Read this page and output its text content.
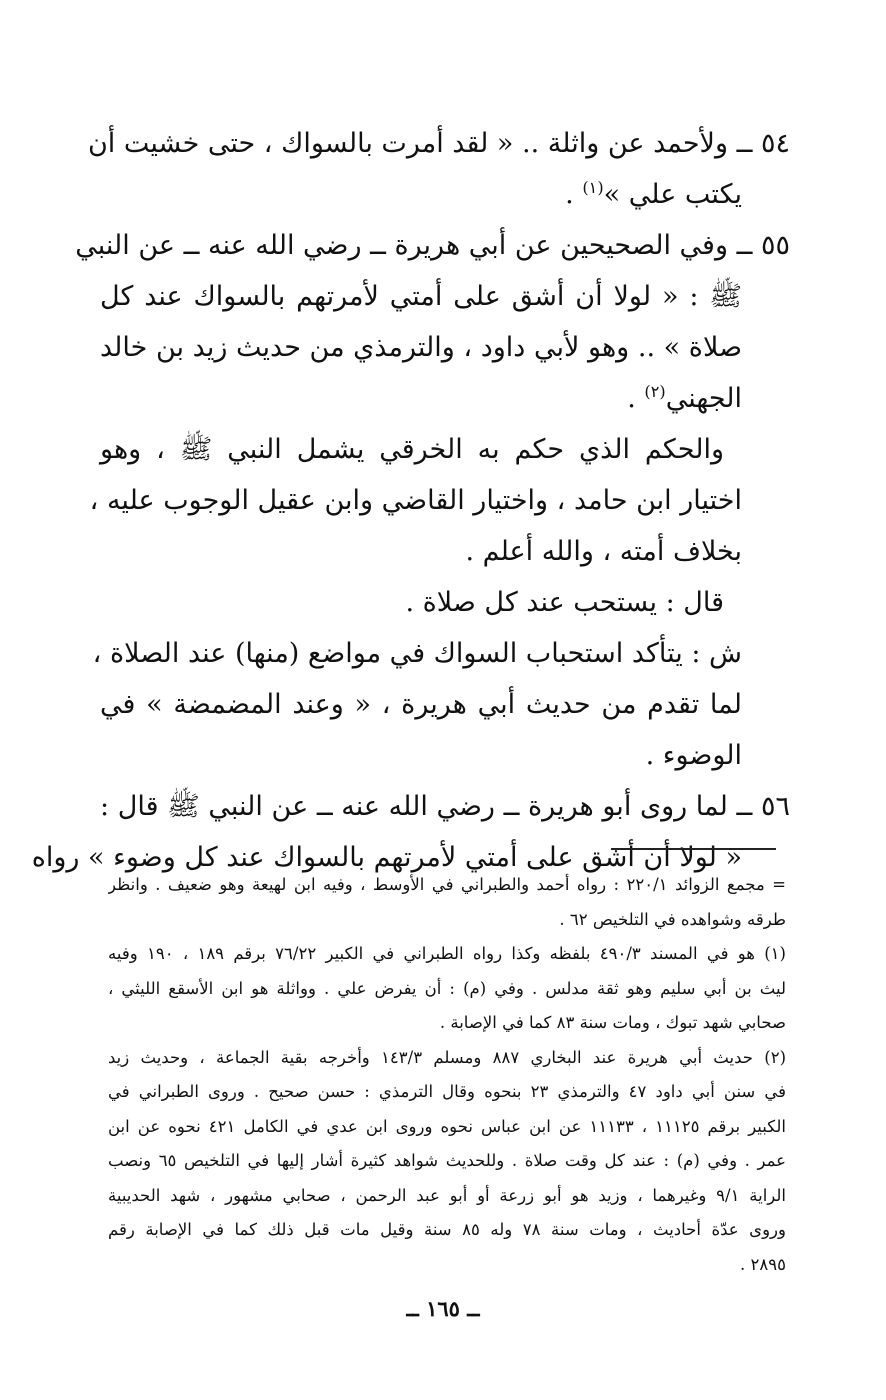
٥٤ ــ ولأحمد عن واثلة .. « لقد أمرت بالسواك ، حتى خشيت أن
يكتب علي »$^{(١)}$ .
٥٥ ــ وفي الصحيحين عن أبي هريرة ــ رضي الله عنه ــ عن النبي
ﷺ : « لولا أن أشق على أمتي لأمرتهم بالسواك عند كل
صلاة » .. وهو لأبي داود ، والترمذي من حديث زيد بن خالد
الجهني$^{(٢)}$ .
والحكم الذي حكم به الخرقي يشمل النبي ﷺ ، وهو
اختيار ابن حامد ، واختيار القاضي وابن عقيل الوجوب عليه ،
بخلاف أمته ، والله أعلم .
قال : يستحب عند كل صلاة .
ش : يتأكد استحباب السواك في مواضع (منها) عند الصلاة ،
لما تقدم من حديث أبي هريرة ، « وعند المضمضة » في
الوضوء .
٥٦ ــ لما روى أبو هريرة ــ رضي الله عنه ــ عن النبي ﷺ قال :
« لولا أن أشق على أمتي لأمرتهم بالسواك عند كل وضوء » رواه
= مجمع الزوائد ٢٢٠/١ : رواه أحمد والطبراني في الأوسط ، وفيه ابن لهيعة وهو ضعيف . وانظر
طرقه وشواهده في التلخيص ٦٢ .
(١) هو في المسند ٤٩٠/٣ بلفظه وكذا رواه الطبراني في الكبير ٧٦/٢٢ برقم ١٨٩ ، ١٩٠ وفيه
ليث بن أبي سليم وهو ثقة مدلس . وفي (م) : أن يفرض علي . وواثلة هو ابن الأسقع الليثي ،
صحابي شهد تبوك ، ومات سنة ٨٣ كما في الإصابة .
(٢) حديث أبي هريرة عند البخاري ٨٨٧ ومسلم ١٤٣/٣ وأخرجه بقية الجماعة ، وحديث زيد
في سنن أبي داود ٤٧ والترمذي ٢٣ بنحوه وقال الترمذي : حسن صحيح . وروى الطبراني في
الكبير برقم ١١١٢٥ ، ١١١٣٣ عن ابن عباس نحوه وروى ابن عدي في الكامل ٤٢١ نحوه عن ابن
عمر . وفي (م) : عند كل وقت صلاة . وللحديث شواهد كثيرة أشار إليها في التلخيص ٦٥ ونصب
الراية ٩/١ وغيرهما ، وزيد هو أبو زرعة أو أبو عبد الرحمن ، صحابي مشهور ، شهد الحديبية
وروى عدّة أحاديث ، ومات سنة ٧٨ وله ٨٥ سنة وقيل مات قبل ذلك كما في الإصابة رقم
٢٨٩٥ .
ــ ١٦٥ ــ
